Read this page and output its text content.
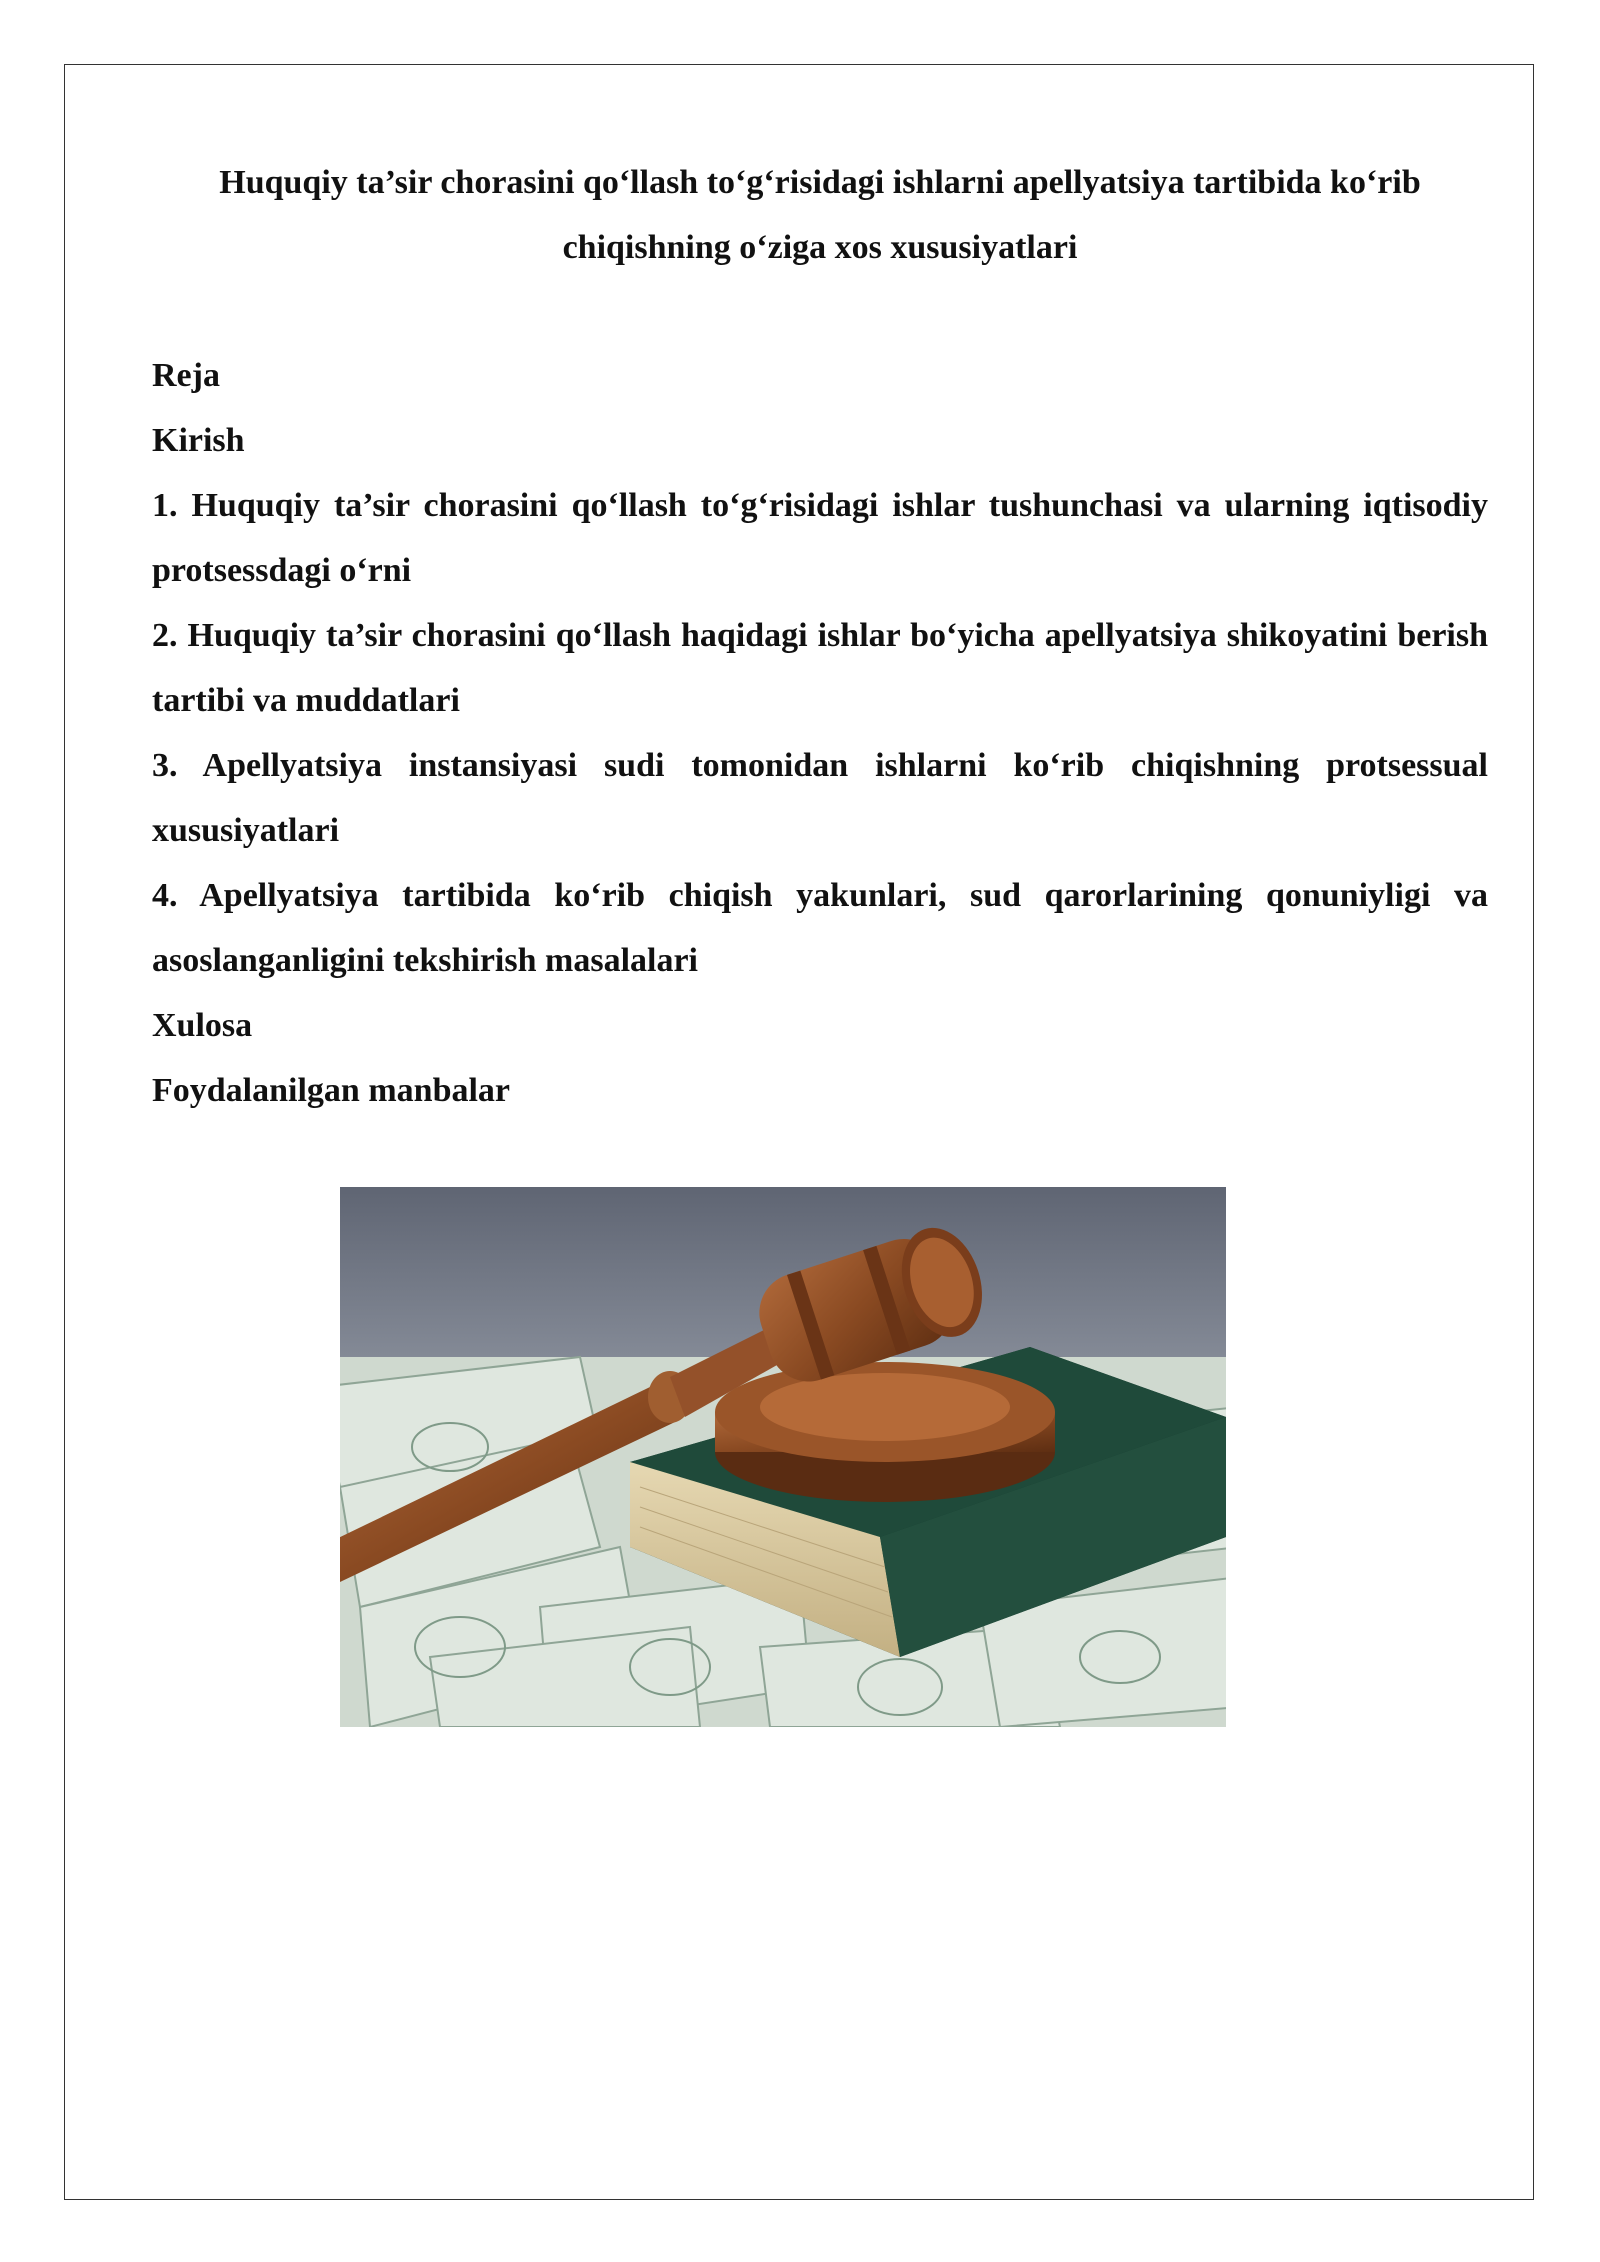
Huquqiy ta’sir chorasini qo‘llash to‘g‘risidagi ishlarni apellyatsiya tartibida ko‘rib

chiqishning o‘ziga xos xususiyatlari

Reja

Kirish

1. Huquqiy ta’sir chorasini qo‘llash to‘g‘risidagi ishlar tushunchasi va ularning iqtisodiy protsessdagi o‘rni

2. Huquqiy ta’sir chorasini qo‘llash haqidagi ishlar bo‘yicha apellyatsiya shikoyatini berish tartibi va muddatlari

3. Apellyatsiya instansiyasi sudi tomonidan ishlarni ko‘rib chiqishning protsessual xususiyatlari

4. Apellyatsiya tartibida ko‘rib chiqish yakunlari, sud qarorlarining qonuniyligi va asoslanganligini tekshirish masalalari

Xulosa

Foydalanilgan manbalar
